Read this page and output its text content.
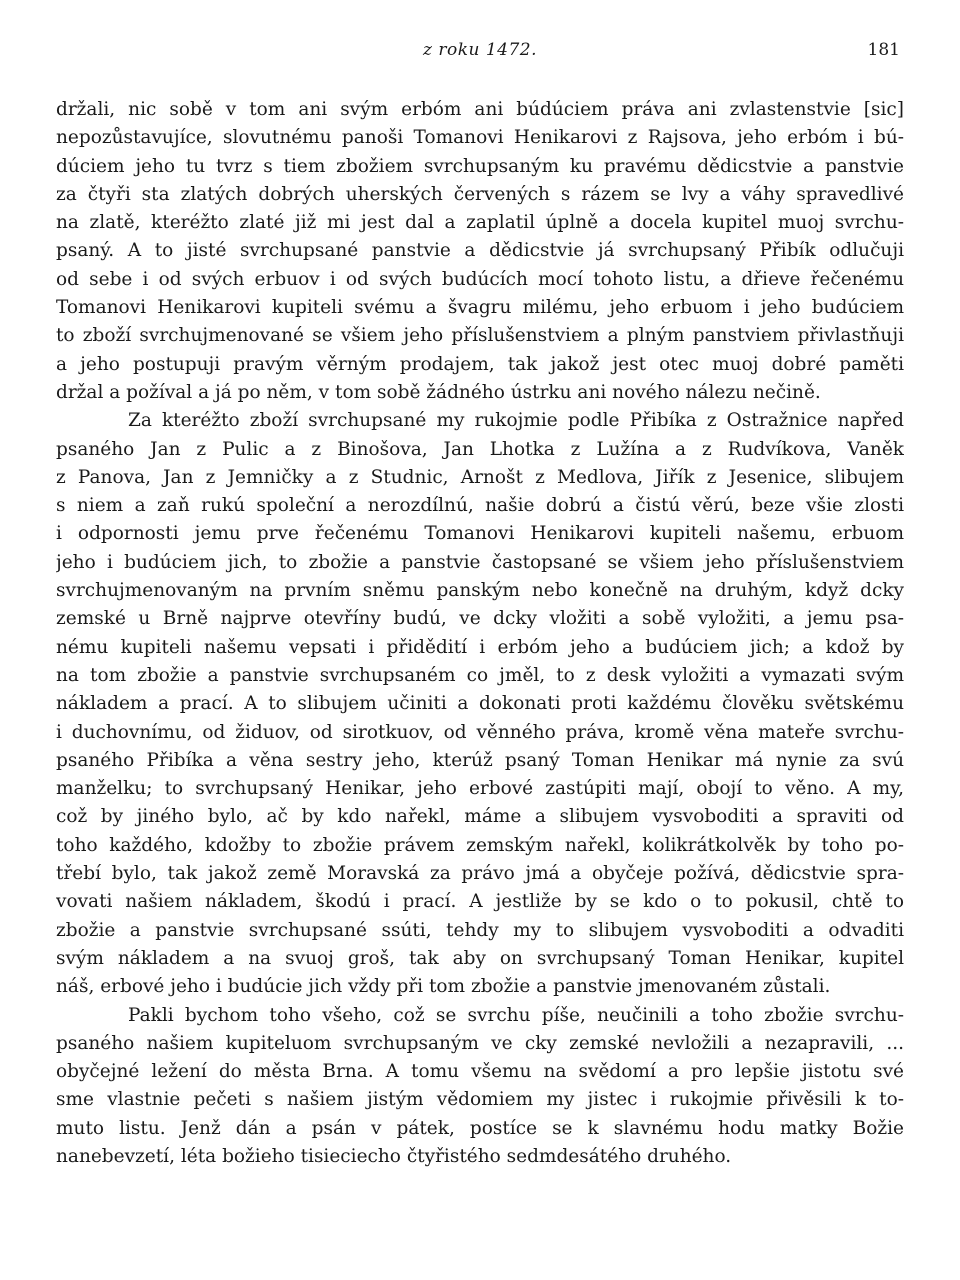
z roku 1472.	181
držali, nic sobě v tom ani svým erbóm ani búdúciem práva ani zvlastenstvie [sic]
nepozůstavujíce, slovutnému panoši Tomanovi Henikarovi z Rajsova, jeho erbóm i bú-
dúciem jeho tu tvrz s tiem zbožiem svrchupsaným ku pravému dědicstvie a panstvie
za čtyři sta zlatých dobrých uherských červených s rázem se lvy a váhy spravedlivé
na zlatě, kteréžto zlaté již mi jest dal a zaplatil úplně a docela kupitel muoj svrchu-
psaný. A to jisté svrchupsané panstvie a dědicstvie já svrchupsaný Přibík odlučuji
od sebe i od svých erbuov i od svých budúcích mocí tohoto listu, a dřieve řečenému
Tomanovi Henikarovi kupiteli svému a švagru milému, jeho erbuom i jeho budúciem
to zboží svrchujmenované se všiem jeho příslušenstviem a plným panstviem přivlastňuji
a jeho postupuji pravým věrným prodajem, tak jakož jest otec muoj dobré paměti
držal a požíval a já po něm, v tom sobě žádného ústrku ani nového nálezu nečině.
Za kteréžto zboží svrchupsané my rukojmie podle Přibíka z Ostražnice napřed
psaného Jan z Pulic a z Binošova, Jan Lhotka z Lužína a z Rudvíkova, Vaněk
z Panova, Jan z Jemničky a z Studnic, Arnošt z Medlova, Jiřík z Jesenice, slibujem
s niem a zaň rukú společní a nerozdílnú, našie dobrú a čistú věrú, beze všie zlosti
i odpornosti jemu prve řečenému Tomanovi Henikarovi kupiteli našemu, erbuom
jeho i budúciem jich, to zbožie a panstvie častopsané se všiem jeho příslušenstviem
svrchujmenovaným na prvním sněmu panským nebo konečně na druhým, když dcky
zemské u Brně najprve otevříny budú, ve dcky vložiti a sobě vyložiti, a jemu psa-
nému kupiteli našemu vepsati i přidědití i erbóm jeho a budúciem jich; a kdož by
na tom zbožie a panstvie svrchupsaném co jměl, to z desk vyložiti a vymazati svým
nákladem a prací. A to slibujem učiniti a dokonati proti každému člověku světskému
i duchovnímu, od židuov, od sirotkuov, od věnného práva, kromě věna mateře svrchu-
psaného Přibíka a věna sestry jeho, kterúž psaný Toman Henikar má nynie za svú
manželku; to svrchupsaný Henikar, jeho erbové zastúpiti mají, obojí to věno. A my,
což by jiného bylo, ač by kdo nařekl, máme a slibujem vysvoboditi a spraviti od
toho každého, kdožby to zbožie právem zemským nařekl, kolikrátkolvěk by toho po-
třebí bylo, tak jakož země Moravská za právo jmá a obyčeje požívá, dědicstvie spra-
vovati našiem nákladem, škodú i prací. A jestliže by se kdo o to pokusil, chtě to
zbožie a panstvie svrchupsané ssúti, tehdy my to slibujem vysvoboditi a odvaditi
svým nákladem a na svuoj groš, tak aby on svrchupsaný Toman Henikar, kupitel
náš, erbové jeho i budúcie jich vždy při tom zbožie a panstvie jmenovaném zůstali.
Pakli bychom toho všeho, což se svrchu píše, neučinili a toho zbožie svrchu-
psaného našiem kupiteluom svrchupsaným ve cky zemské nevložili a nezapravili, ...
obyčejné ležení do města Brna. A tomu všemu na svědomí a pro lepšie jistotu své
sme vlastnie pečeti s našiem jistým vědomiem my jistec i rukojmie přivěsili k to-
muto listu. Jenž dán a psán v pátek, postíce se k slavnému hodu matky Božie
nanebevzetí, léta božieho tisieciecho čtyřistého sedmdesátého druhého.
